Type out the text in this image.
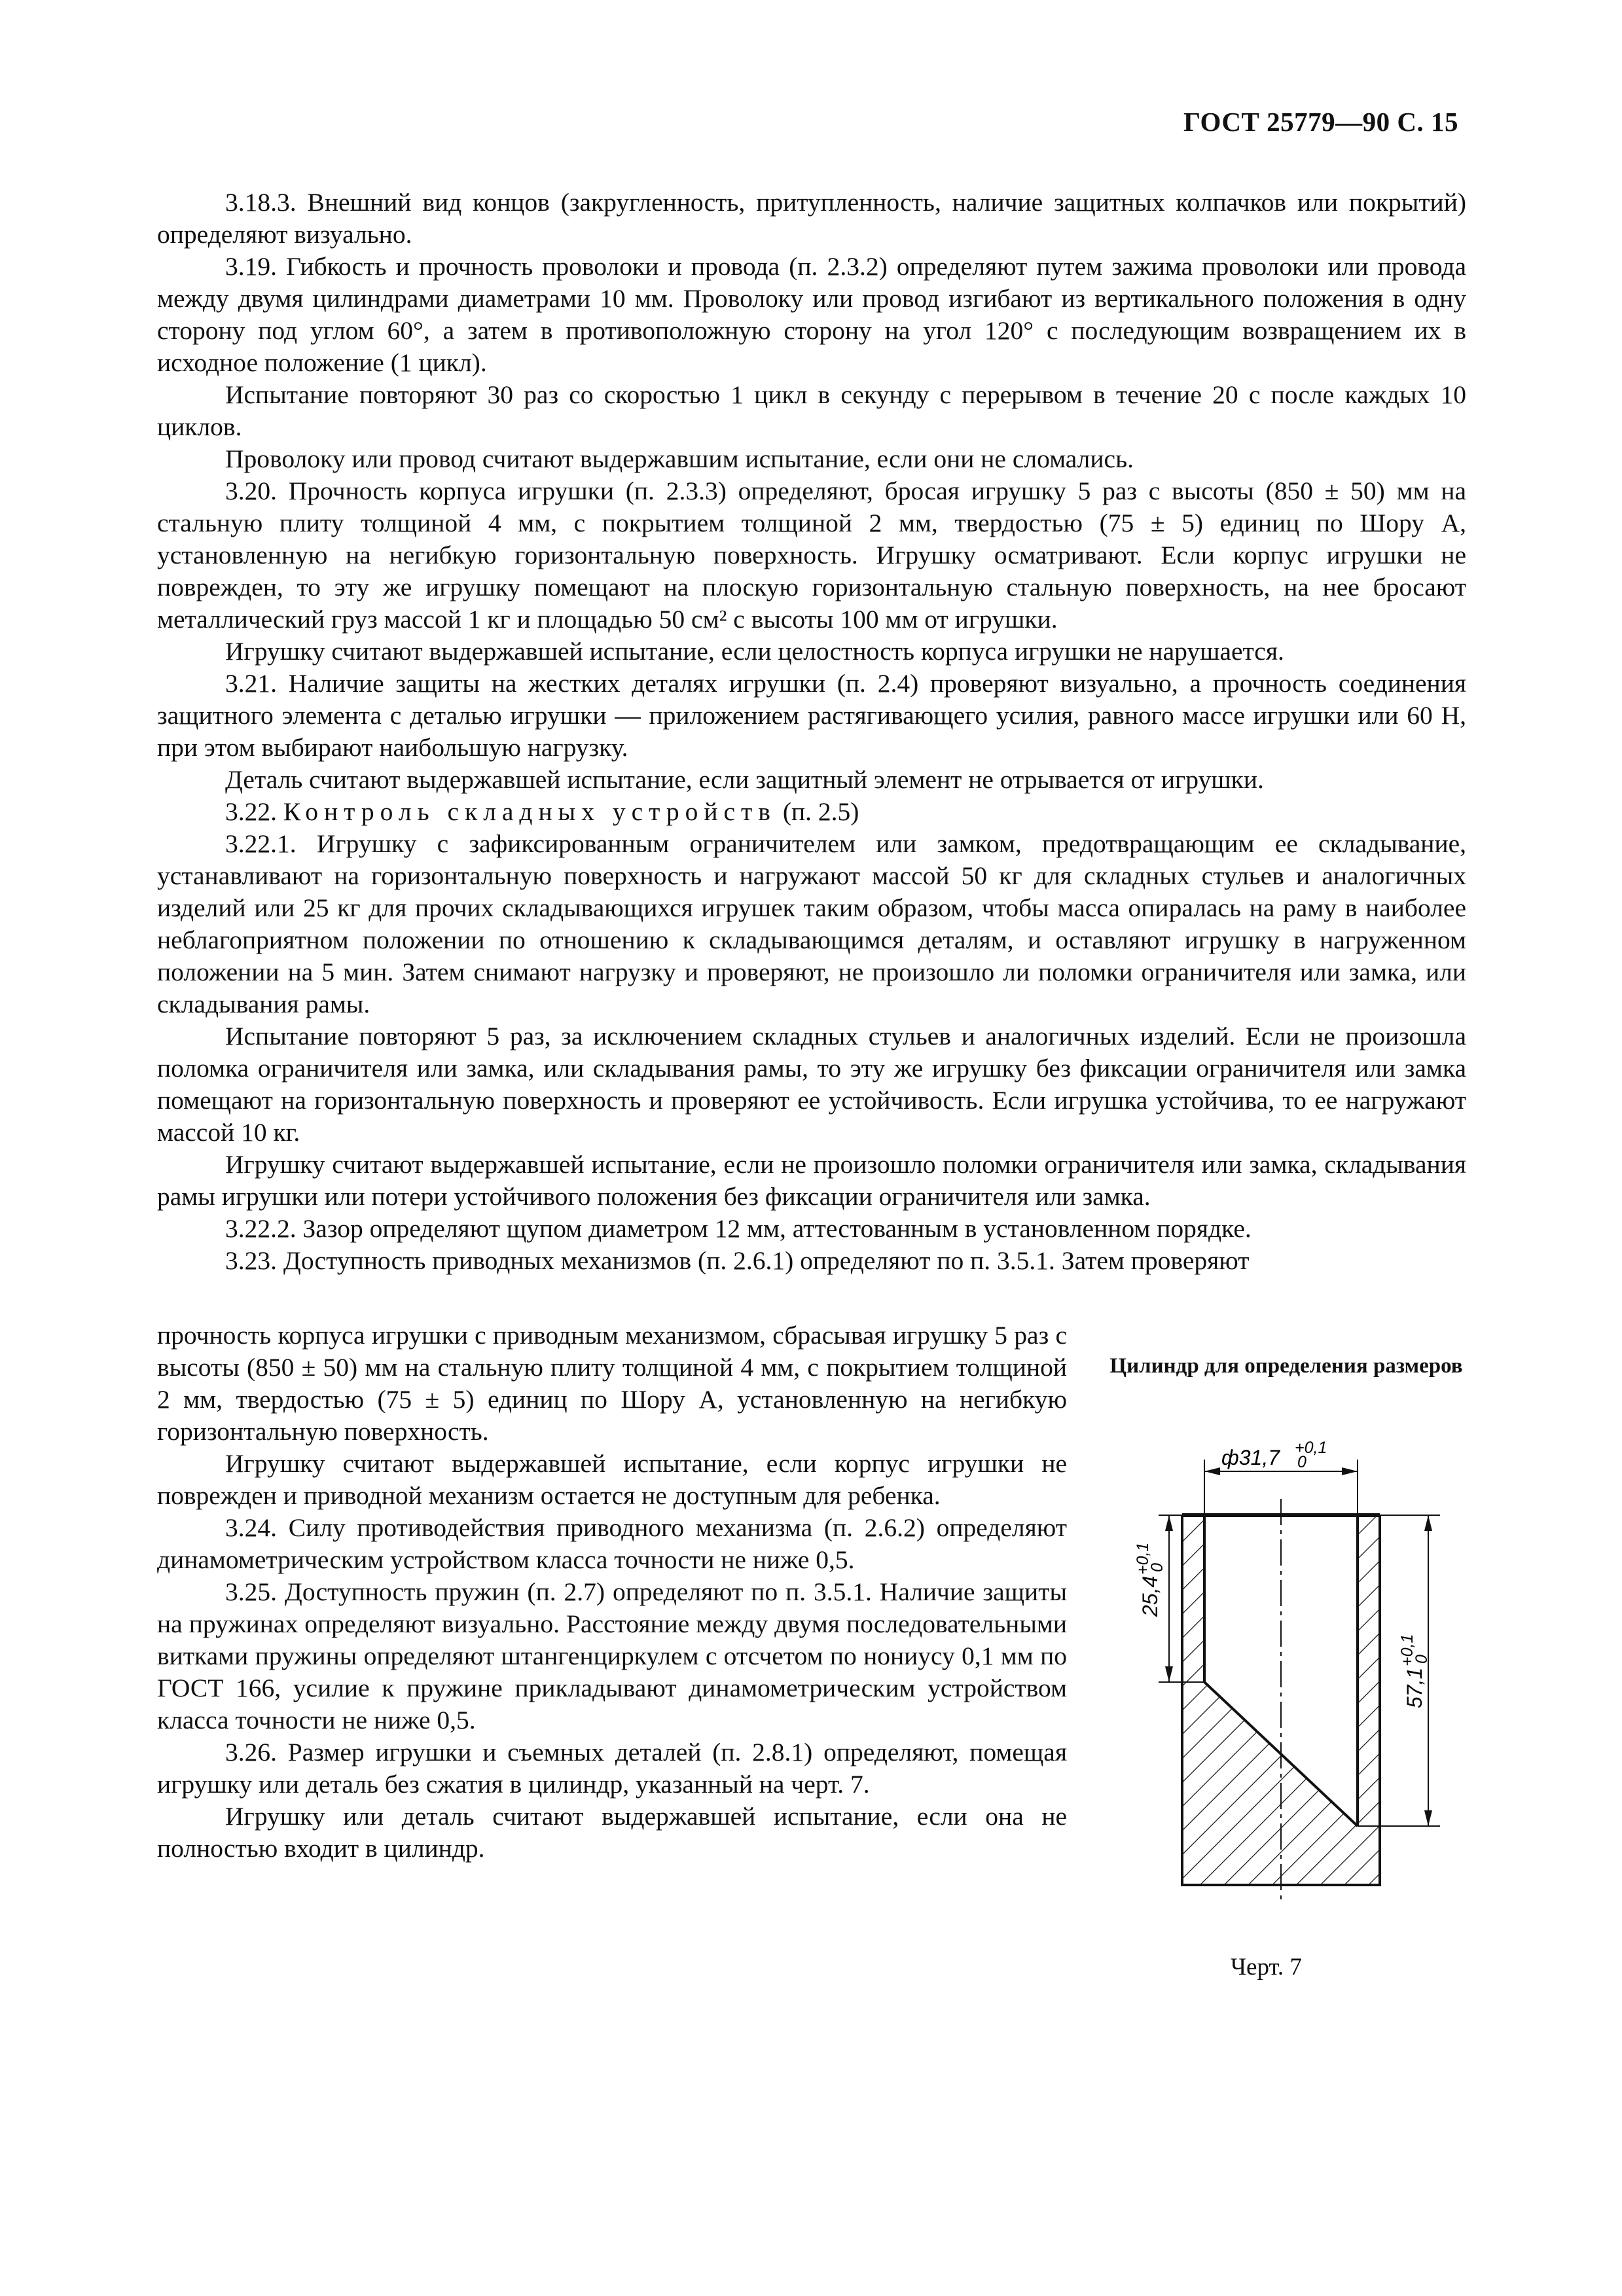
ГОСТ 25779—90 С. 15

3.18.3. Внешний вид концов (закругленность, притупленность, наличие защитных колпачков или покрытий) определяют визуально.

3.19. Гибкость и прочность проволоки и провода (п. 2.3.2) определяют путем зажима проволоки или провода между двумя цилиндрами диаметрами 10 мм. Проволоку или провод изгибают из вертикального положения в одну сторону под углом 60°, а затем в противоположную сторону на угол 120° с последующим возвращением их в исходное положение (1 цикл).

Испытание повторяют 30 раз со скоростью 1 цикл в секунду с перерывом в течение 20 с после каждых 10 циклов.

Проволоку или провод считают выдержавшим испытание, если они не сломались.

3.20. Прочность корпуса игрушки (п. 2.3.3) определяют, бросая игрушку 5 раз с высоты (850 ± 50) мм на стальную плиту толщиной 4 мм, с покрытием толщиной 2 мм, твердостью (75 ± 5) единиц по Шору А, установленную на негибкую горизонтальную поверхность. Игрушку осматривают. Если корпус игрушки не поврежден, то эту же игрушку помещают на плоскую горизонтальную стальную поверхность, на нее бросают металлический груз массой 1 кг и площадью 50 см² с высоты 100 мм от игрушки.

Игрушку считают выдержавшей испытание, если целостность корпуса игрушки не нарушается.

3.21. Наличие защиты на жестких деталях игрушки (п. 2.4) проверяют визуально, а прочность соединения защитного элемента с деталью игрушки — приложением растягивающего усилия, равного массе игрушки или 60 Н, при этом выбирают наибольшую нагрузку.

Деталь считают выдержавшей испытание, если защитный элемент не отрывается от игрушки.

3.22. Контроль складных устройств (п. 2.5)

3.22.1. Игрушку с зафиксированным ограничителем или замком, предотвращающим ее складывание, устанавливают на горизонтальную поверхность и нагружают массой 50 кг для складных стульев и аналогичных изделий или 25 кг для прочих складывающихся игрушек таким образом, чтобы масса опиралась на раму в наиболее неблагоприятном положении по отношению к складывающимся деталям, и оставляют игрушку в нагруженном положении на 5 мин. Затем снимают нагрузку и проверяют, не произошло ли поломки ограничителя или замка, или складывания рамы.

Испытание повторяют 5 раз, за исключением складных стульев и аналогичных изделий. Если не произошла поломка ограничителя или замка, или складывания рамы, то эту же игрушку без фиксации ограничителя или замка помещают на горизонтальную поверхность и проверяют ее устойчивость. Если игрушка устойчива, то ее нагружают массой 10 кг.

Игрушку считают выдержавшей испытание, если не произошло поломки ограничителя или замка, складывания рамы игрушки или потери устойчивого положения без фиксации ограничителя или замка.

3.22.2. Зазор определяют щупом диаметром 12 мм, аттестованным в установленном порядке.

3.23. Доступность приводных механизмов (п. 2.6.1) определяют по п. 3.5.1. Затем проверяют

прочность корпуса игрушки с приводным механизмом, сбрасывая игрушку 5 раз с высоты (850 ± 50) мм на стальную плиту толщиной 4 мм, с покрытием толщиной 2 мм, твердостью (75 ± 5) единиц по Шору А, установленную на негибкую горизонтальную поверхность.

Игрушку считают выдержавшей испытание, если корпус игрушки не поврежден и приводной механизм остается не доступным для ребенка.

3.24. Силу противодействия приводного механизма (п. 2.6.2) определяют динамометрическим устройством класса точности не ниже 0,5.

3.25. Доступность пружин (п. 2.7) определяют по п. 3.5.1. Наличие защиты на пружинах определяют визуально. Расстояние между двумя последовательными витками пружины определяют штангенциркулем с отсчетом по нониусу 0,1 мм по ГОСТ 166, усилие к пружине прикладывают динамометрическим устройством класса точности не ниже 0,5.

3.26. Размер игрушки и съемных деталей (п. 2.8.1) определяют, помещая игрушку или деталь без сжатия в цилиндр, указанный на черт. 7.

Игрушку или деталь считают выдержавшей испытание, если она не полностью входит в цилиндр.

Цилиндр для определения размеров
ф31,7 +0,1
0
25,4
+0,1
0
57,1
+0,1
0
Черт. 7
